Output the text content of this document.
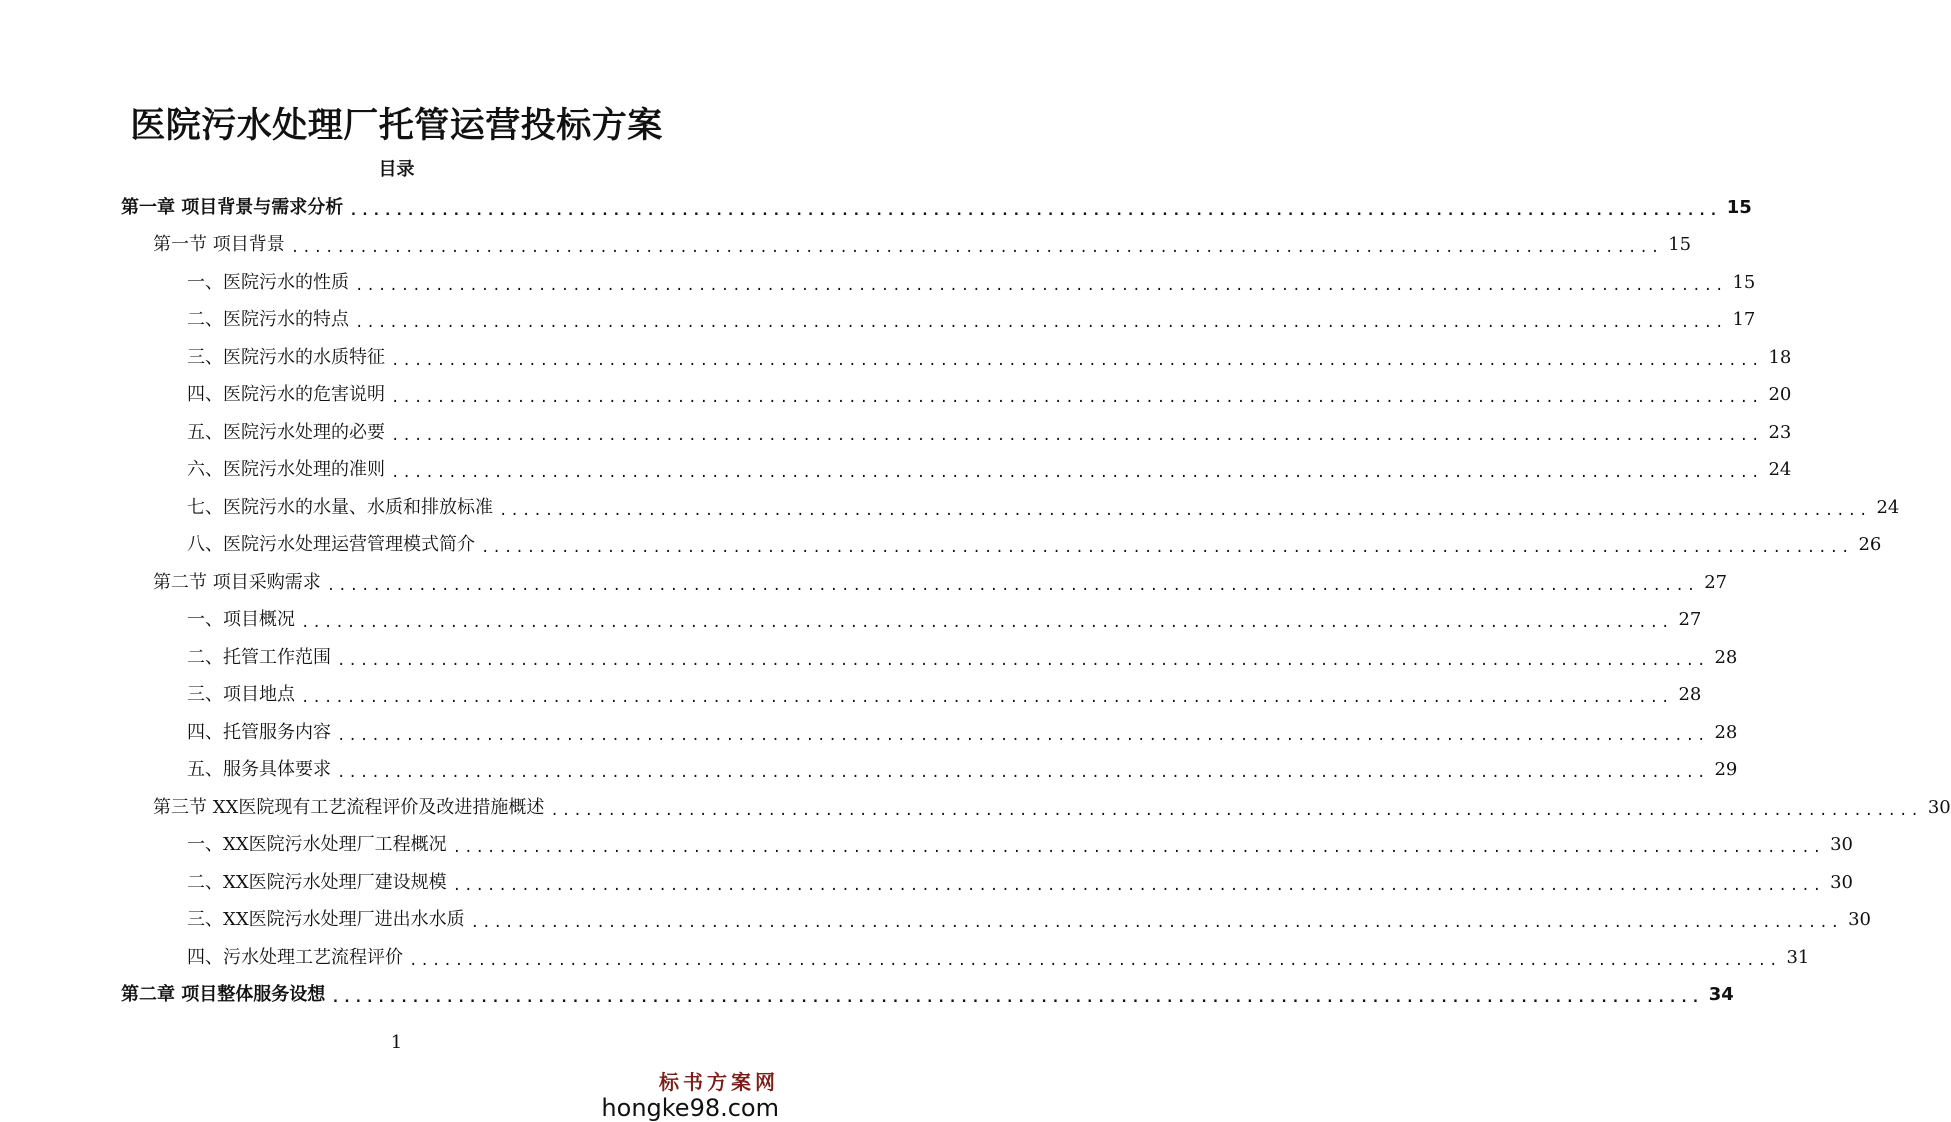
医院污水处理厂托管运营投标方案
目录
第一章 项目背景与需求分析 ........................................................................................................................ 15
第一节 项目背景 ........................................................................................................................ 15
一、医院污水的性质 ........................................................................................................................ 15
二、医院污水的特点 ........................................................................................................................ 17
三、医院污水的水质特征 ........................................................................................................................ 18
四、医院污水的危害说明 ........................................................................................................................ 20
五、医院污水处理的必要 ........................................................................................................................ 23
六、医院污水处理的准则 ........................................................................................................................ 24
七、医院污水的水量、水质和排放标准 ........................................................................................................................ 24
八、医院污水处理运营管理模式简介 ........................................................................................................................ 26
第二节 项目采购需求 ........................................................................................................................ 27
一、项目概况 ........................................................................................................................ 27
二、托管工作范围 ........................................................................................................................ 28
三、项目地点 ........................................................................................................................ 28
四、托管服务内容 ........................................................................................................................ 28
五、服务具体要求 ........................................................................................................................ 29
第三节 XX医院现有工艺流程评价及改进措施概述 ........................................................................................................................ 30
一、XX医院污水处理厂工程概况 ........................................................................................................................ 30
二、XX医院污水处理厂建设规模 ........................................................................................................................ 30
三、XX医院污水处理厂进出水水质 ........................................................................................................................ 30
四、污水处理工艺流程评价 ........................................................................................................................ 31
第二章 项目整体服务设想 ........................................................................................................................ 34
1
标书方案网
hongke98.com
